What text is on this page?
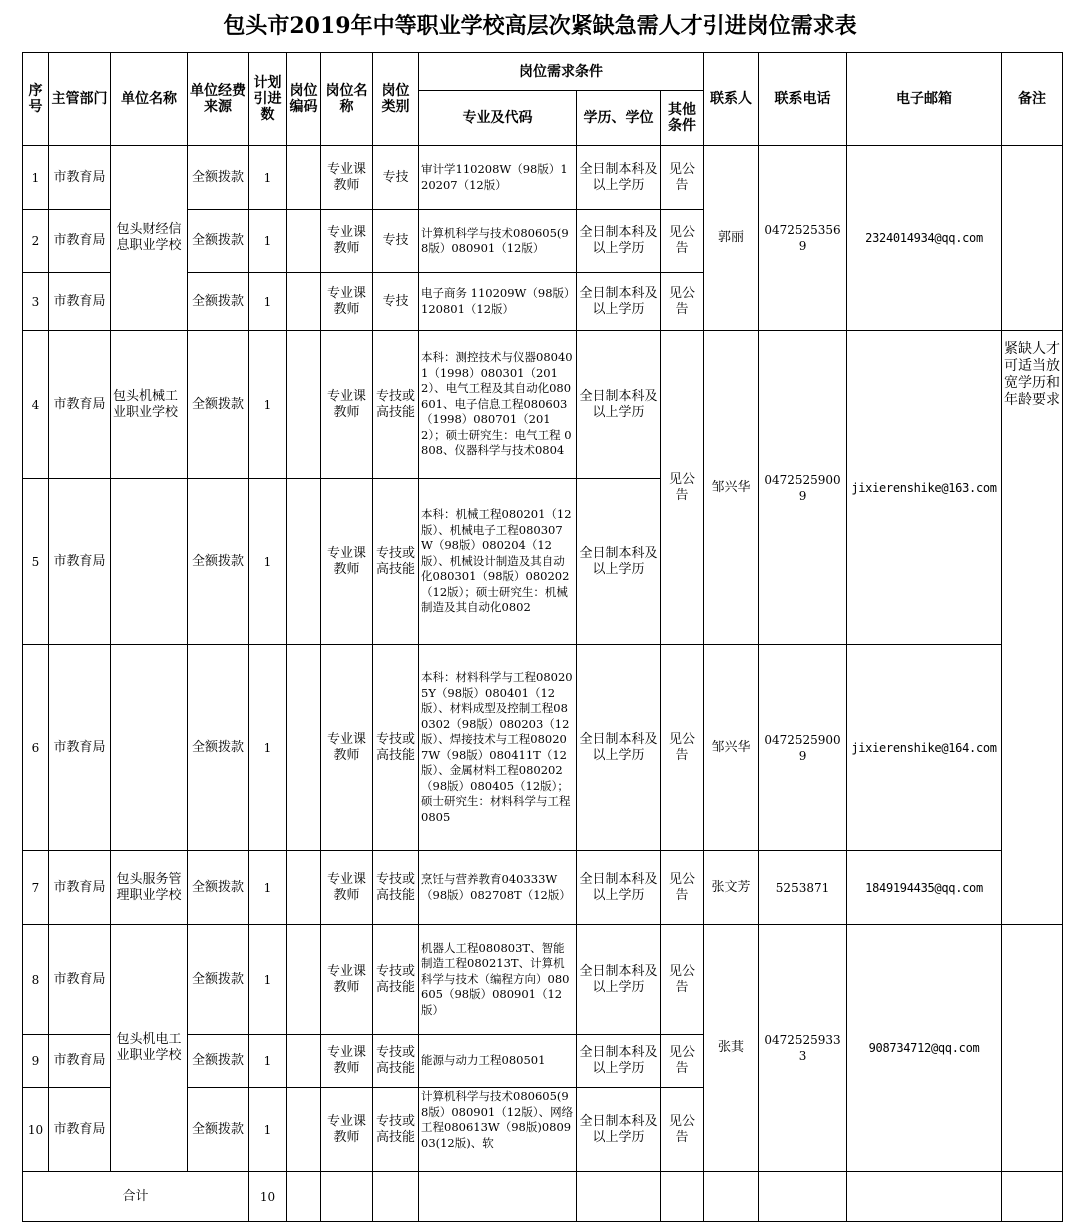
包头市2019年中等职业学校高层次紧缺急需人才引进岗位需求表
序号	主管部门	单位名称	单位经费来源	计划引进数	岗位编码	岗位名称	岗位类别	岗位需求条件			联系人	联系电话	电子邮箱	备注	
								专业及代码	学历、学位	其他条件					
1	市教育局	包头财经信息职业学校	全额拨款	1		专业课教师	专技	审计学110208W（98版）120207（12版）	全日制本科及以上学历	见公告	郭丽	04725253569	2324014934@qq.com		
2	市教育局		全额拨款	1		专业课教师	专技	计算机科学与技术080605(98版）080901（12版）	全日制本科及以上学历	见公告					
3	市教育局		全额拨款	1		专业课教师	专技	电子商务 110209W（98版）120801（12版）	全日制本科及以上学历	见公告					
4	市教育局	包头机械工业职业学校	全额拨款	1		专业课教师	专技或高技能	本科：测控技术与仪器080401（1998）080301（2012）、电气工程及其自动化080601、电子信息工程080603（1998）080701（2012）；硕士研究生：电气工程 0808、仪器科学与技术0804	全日制本科及以上学历	见公告	邹兴华	04725259009	jixierenshike@163.com	紧缺人才可适当放宽学历和年龄要求	
5	市教育局		全额拨款	1		专业课教师	专技或高技能	本科：机械工程080201（12版）、机械电子工程080307W（98版）080204（12版）、机械设计制造及其自动化080301（98版）080202（12版）；硕士研究生：机械制造及其自动化0802	全日制本科及以上学历						
6	市教育局		全额拨款	1		专业课教师	专技或高技能	本科：材料科学与工程080205Y（98版）080401（12版）、材料成型及控制工程080302（98版）080203（12版）、焊接技术与工程080207W（98版）080411T（12版）、金属材料工程080202（98版）080405（12版）；硕士研究生：材料科学与工程0805	全日制本科及以上学历	见公告	邹兴华	04725259009	jixierenshike@164.com		
7	市教育局	包头服务管理职业学校	全额拨款	1		专业课教师	专技或高技能	烹饪与营养教育040333W（98版）082708T（12版）	全日制本科及以上学历	见公告	张文芳	5253871	1849194435@qq.com	
8	市教育局	包头机电工业职业学校	全额拨款	1		专业课教师	专技或高技能	机器人工程080803T、智能制造工程080213T、计算机科学与技术（编程方向）080605（98版）080901（12版）	全日制本科及以上学历	见公告	张萁	04725259333	908734712@qq.com		
9	市教育局		全额拨款	1		专业课教师	专技或高技能	能源与动力工程080501	全日制本科及以上学历	见公告					
10	市教育局		全额拨款	1		专业课教师	专技或高技能	计算机科学与技术080605(98版）080901（12版）、网络工程080613W（98版)080903(12版)、软	全日制本科及以上学历	见公告					
合计				10											
